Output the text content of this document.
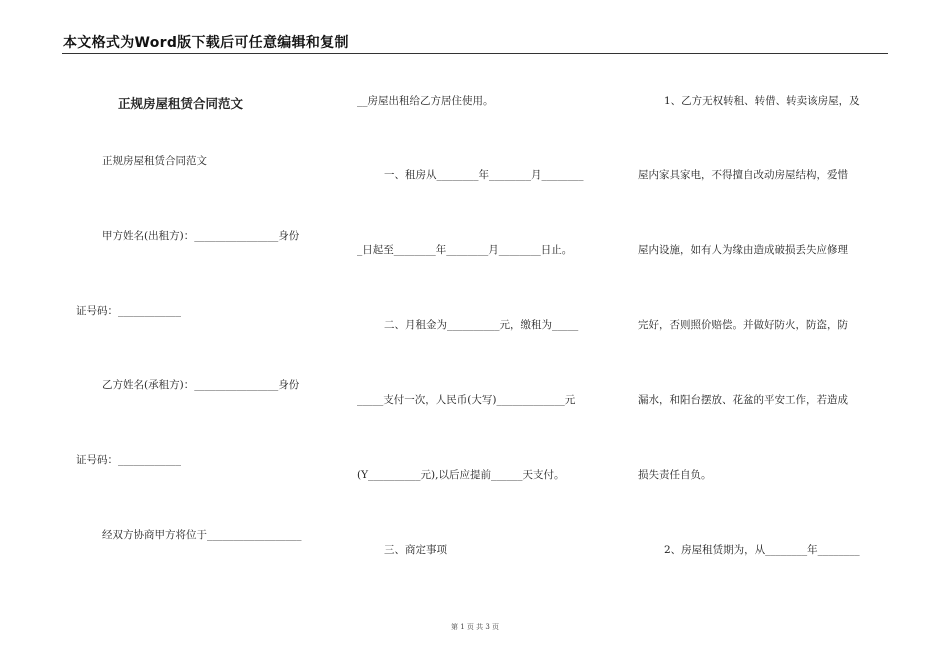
本文格式为Word版下载后可任意编辑和复制
正规房屋租赁合同范文
正规房屋租赁合同范文
甲方姓名(出租方)：________________身份
证号码：____________
乙方姓名(承租方)：________________身份
证号码：____________
经双方协商甲方将位于__________________
__房屋出租给乙方居住使用。
一、租房从________年________月________
_日起至________年________月________日止。
二、月租金为__________元，缴租为_____
_____支付一次，人民币(大写)_____________元
(Y__________元),以后应提前______天支付。
三、商定事项
1、乙方无权转租、转借、转卖该房屋，及
屋内家具家电，不得擅自改动房屋结构，爱惜
屋内设施，如有人为缘由造成破损丢失应修理
完好，否则照价赔偿。并做好防火，防盗，防
漏水，和阳台摆放、花盆的平安工作，若造成
损失责任自负。
2、房屋租赁期为，从________年________
第 1 页 共 3 页
